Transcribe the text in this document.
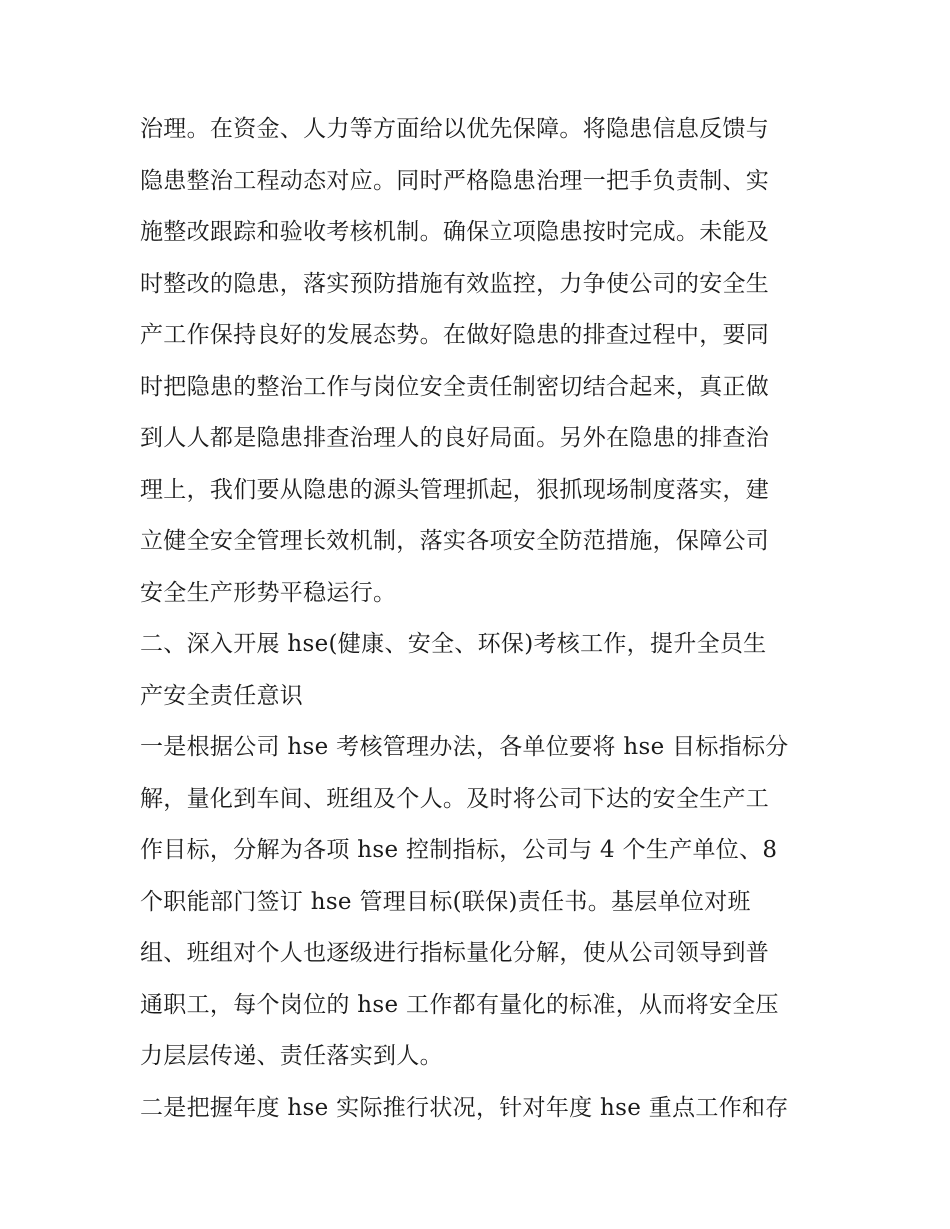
治理。在资金、人力等方面给以优先保障。将隐患信息反馈与
隐患整治工程动态对应。同时严格隐患治理一把手负责制、实
施整改跟踪和验收考核机制。确保立项隐患按时完成。未能及
时整改的隐患，落实预防措施有效监控，力争使公司的安全生
产工作保持良好的发展态势。在做好隐患的排查过程中，要同
时把隐患的整治工作与岗位安全责任制密切结合起来，真正做
到人人都是隐患排查治理人的良好局面。另外在隐患的排查治
理上，我们要从隐患的源头管理抓起，狠抓现场制度落实，建
立健全安全管理长效机制，落实各项安全防范措施，保障公司
安全生产形势平稳运行。
二、深入开展 hse(健康、安全、环保)考核工作，提升全员生
产安全责任意识
一是根据公司 hse 考核管理办法，各单位要将 hse 目标指标分
解，量化到车间、班组及个人。及时将公司下达的安全生产工
作目标，分解为各项 hse 控制指标，公司与 4 个生产单位、8
个职能部门签订 hse 管理目标(联保)责任书。基层单位对班
组、班组对个人也逐级进行指标量化分解，使从公司领导到普
通职工，每个岗位的 hse 工作都有量化的标准，从而将安全压
力层层传递、责任落实到人。
二是把握年度 hse 实际推行状况，针对年度 hse 重点工作和存
